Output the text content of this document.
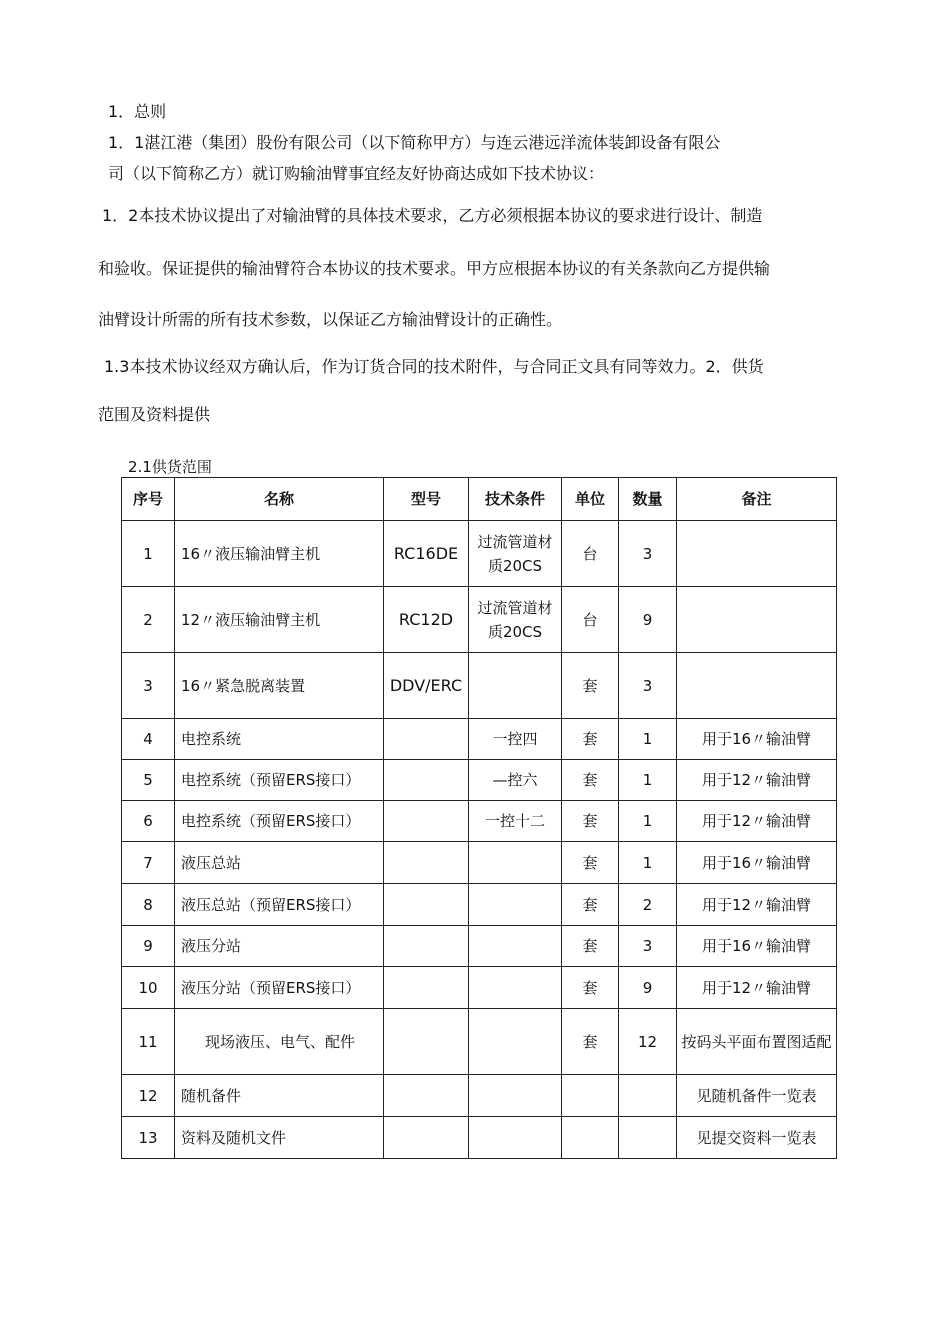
1．总则
1．1湛江港（集团）股份有限公司（以下简称甲方）与连云港远洋流体装卸设备有限公
司（以下简称乙方）就订购输油臂事宜经友好协商达成如下技术协议：
1．2本技术协议提出了对输油臂的具体技术要求，乙方必须根据本协议的要求进行设计、制造
和验收。保证提供的输油臂符合本协议的技术要求。甲方应根据本协议的有关条款向乙方提供输
油臂设计所需的所有技术参数，以保证乙方输油臂设计的正确性。
1.3本技术协议经双方确认后，作为订货合同的技术附件，与合同正文具有同等效力。2．供货
范围及资料提供
2.1供货范围
序号	名称	型号	技术条件	单位	数量	备注
1	16〃液压输油臂主机	RC16DE	过流管道材质20CS	台	3	
2	12〃液压输油臂主机	RC12D	过流管道材质20CS	台	9	
3	16〃紧急脱离装置	DDV/ERC		套	3	
4	电控系统		一控四	套	1	用于16〃输油臂
5	电控系统（预留ERS接口）		—控六	套	1	用于12〃输油臂
6	电控系统（预留ERS接口）		一控十二	套	1	用于12〃输油臂
7	液压总站			套	1	用于16〃输油臂
8	液压总站（预留ERS接口）			套	2	用于12〃输油臂
9	液压分站			套	3	用于16〃输油臂
10	液压分站（预留ERS接口）			套	9	用于12〃输油臂
11	现场液压、电气、配件			套	12	按码头平面布置图适配
12	随机备件					见随机备件一览表
13	资料及随机文件					见提交资料一览表
